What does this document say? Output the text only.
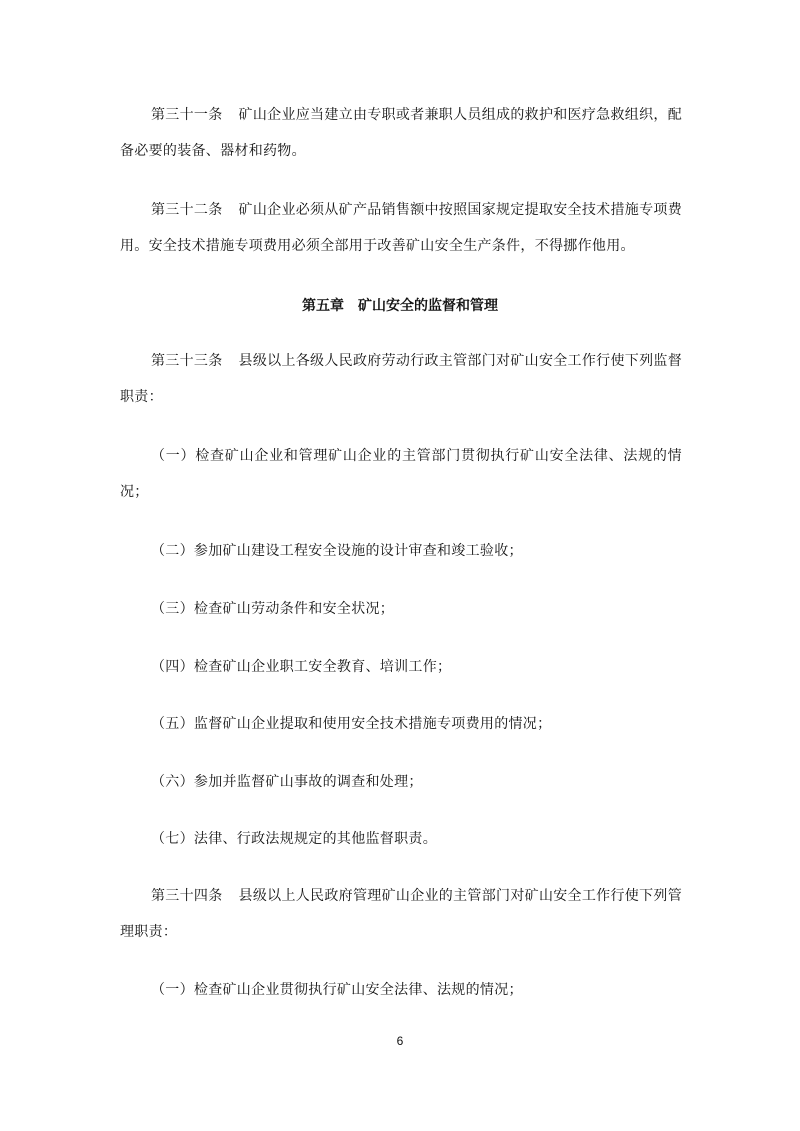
第三十一条 矿山企业应当建立由专职或者兼职人员组成的救护和医疗急救组织，配备必要的装备、器材和药物。

第三十二条 矿山企业必须从矿产品销售额中按照国家规定提取安全技术措施专项费用。安全技术措施专项费用必须全部用于改善矿山安全生产条件，不得挪作他用。

第五章 矿山安全的监督和管理

第三十三条 县级以上各级人民政府劳动行政主管部门对矿山安全工作行使下列监督职责：

（一）检查矿山企业和管理矿山企业的主管部门贯彻执行矿山安全法律、法规的情况；

（二）参加矿山建设工程安全设施的设计审查和竣工验收；

（三）检查矿山劳动条件和安全状况；

（四）检查矿山企业职工安全教育、培训工作；

（五）监督矿山企业提取和使用安全技术措施专项费用的情况；

（六）参加并监督矿山事故的调查和处理；

（七）法律、行政法规规定的其他监督职责。

第三十四条 县级以上人民政府管理矿山企业的主管部门对矿山安全工作行使下列管理职责：

（一）检查矿山企业贯彻执行矿山安全法律、法规的情况；

6
